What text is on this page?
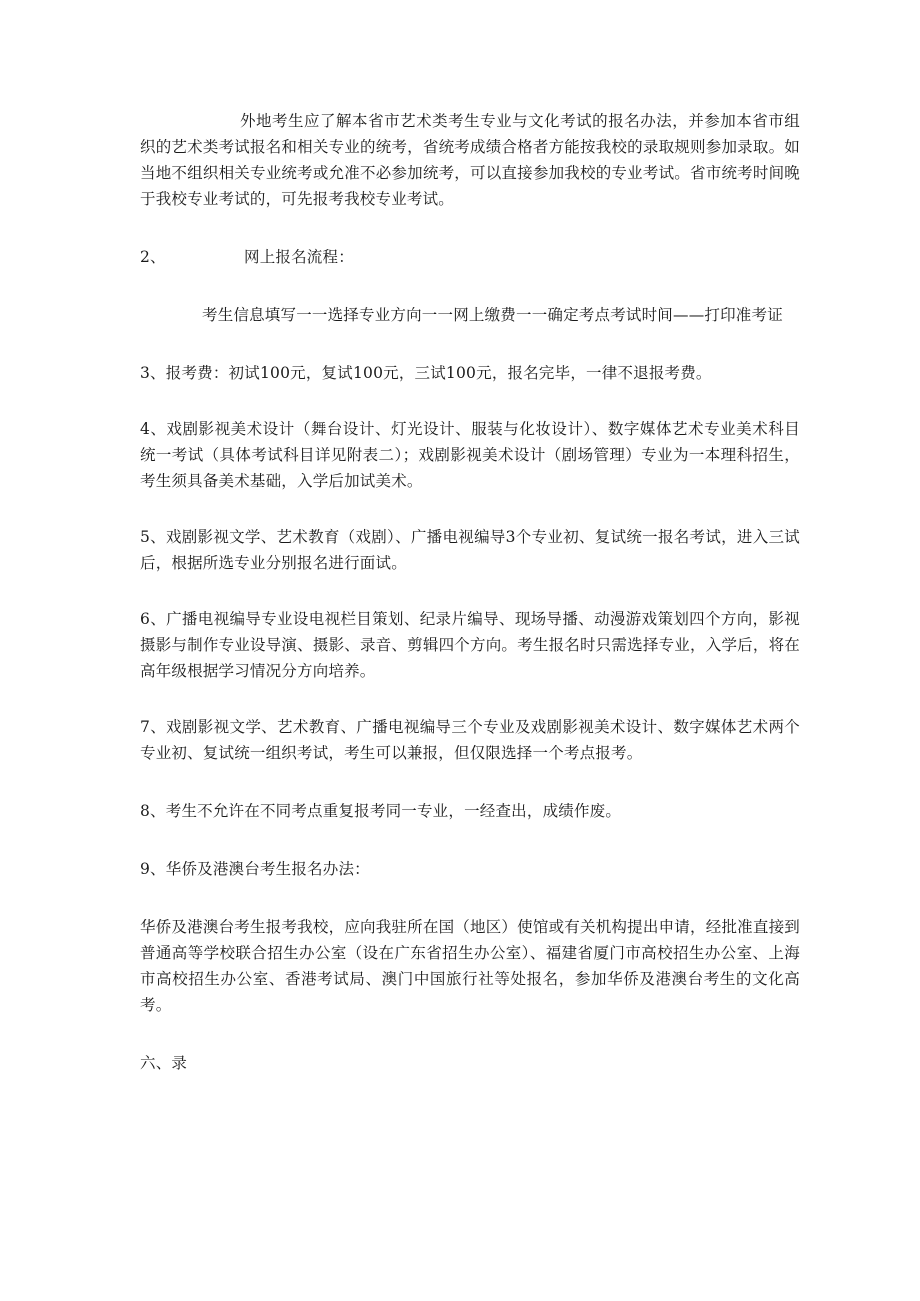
外地考生应了解本省市艺术类考生专业与文化考试的报名办法，并参加本省市组织的艺术类考试报名和相关专业的统考，省统考成绩合格者方能按我校的录取规则参加录取。如当地不组织相关专业统考或允准不必参加统考，可以直接参加我校的专业考试。省市统考时间晚于我校专业考试的，可先报考我校专业考试。

2、	网上报名流程：

考生信息填写一一选择专业方向一一网上缴费一一确定考点考试时间——打印准考证

3、报考费：初试100元，复试100元，三试100元，报名完毕，一律不退报考费。

4、戏剧影视美术设计（舞台设计、灯光设计、服装与化妆设计）、数字媒体艺术专业美术科目统一考试（具体考试科目详见附表二）；戏剧影视美术设计（剧场管理）专业为一本理科招生，考生须具备美术基础，入学后加试美术。

5、戏剧影视文学、艺术教育（戏剧）、广播电视编导3个专业初、复试统一报名考试，进入三试后，根据所选专业分别报名进行面试。

6、广播电视编导专业设电视栏目策划、纪录片编导、现场导播、动漫游戏策划四个方向，影视摄影与制作专业设导演、摄影、录音、剪辑四个方向。考生报名时只需选择专业，入学后，将在高年级根据学习情况分方向培养。

7、戏剧影视文学、艺术教育、广播电视编导三个专业及戏剧影视美术设计、数字媒体艺术两个专业初、复试统一组织考试，考生可以兼报，但仅限选择一个考点报考。

8、考生不允许在不同考点重复报考同一专业，一经查出，成绩作废。

9、华侨及港澳台考生报名办法：

华侨及港澳台考生报考我校，应向我驻所在国（地区）使馆或有关机构提出申请，经批准直接到普通高等学校联合招生办公室（设在广东省招生办公室）、福建省厦门市高校招生办公室、上海市高校招生办公室、香港考试局、澳门中国旅行社等处报名，参加华侨及港澳台考生的文化高考。

六、录
